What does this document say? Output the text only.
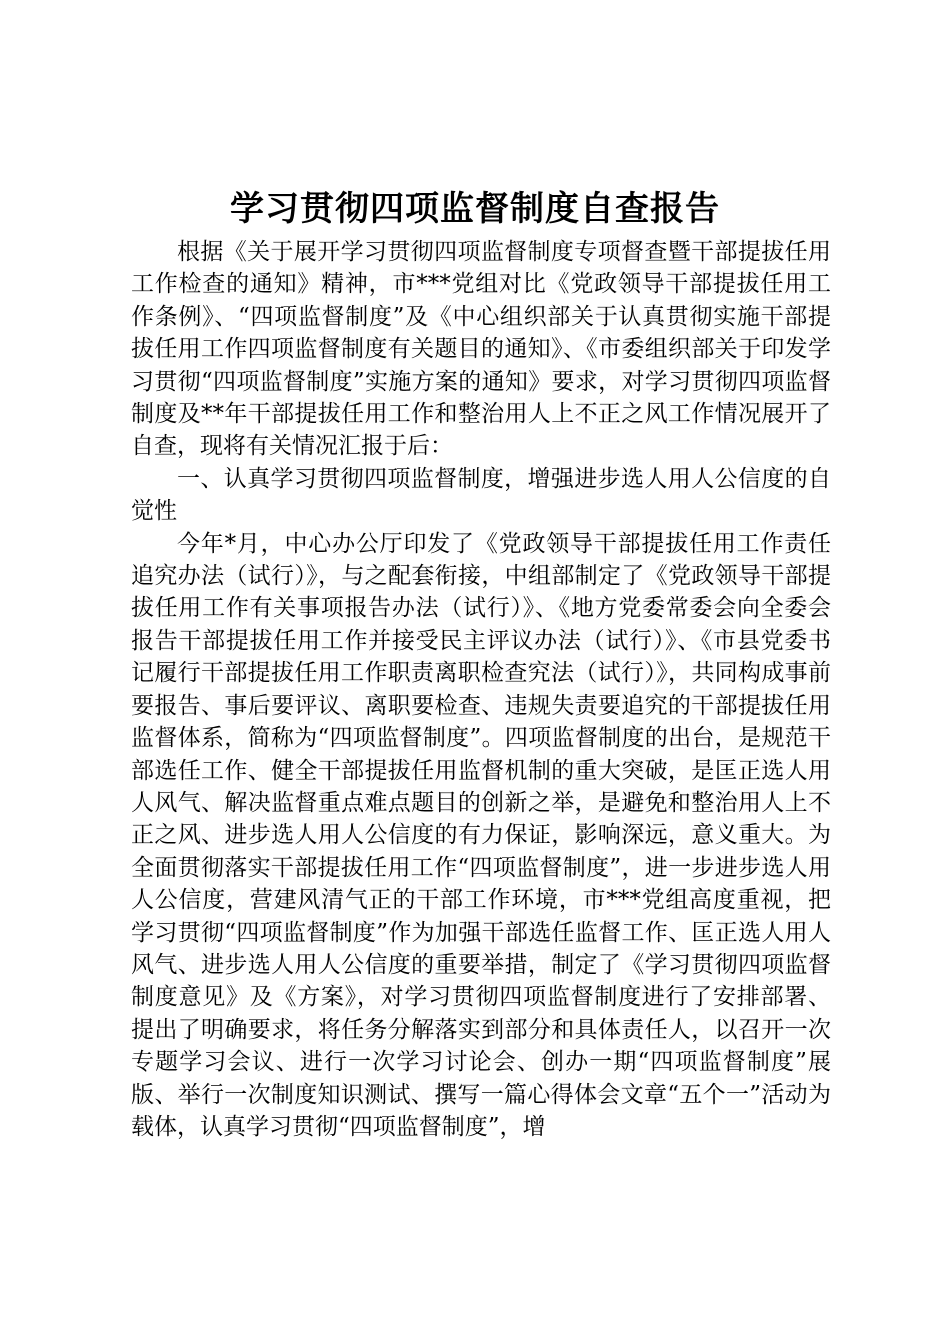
学习贯彻四项监督制度自查报告

根据《关于展开学习贯彻四项监督制度专项督查暨干部提拔任用工作检查的通知》精神，市***党组对比《党政领导干部提拔任用工作条例》、“四项监督制度”及《中心组织部关于认真贯彻实施干部提拔任用工作四项监督制度有关题目的通知》、《市委组织部关于印发学习贯彻“四项监督制度”实施方案的通知》要求，对学习贯彻四项监督制度及**年干部提拔任用工作和整治用人上不正之风工作情况展开了自查，现将有关情况汇报于后：

一、认真学习贯彻四项监督制度，增强进步选人用人公信度的自觉性

今年*月，中心办公厅印发了《党政领导干部提拔任用工作责任追究办法（试行）》，与之配套衔接，中组部制定了《党政领导干部提拔任用工作有关事项报告办法（试行）》、《地方党委常委会向全委会报告干部提拔任用工作并接受民主评议办法（试行）》、《市县党委书记履行干部提拔任用工作职责离职检查究法（试行）》，共同构成事前要报告、事后要评议、离职要检查、违规失责要追究的干部提拔任用监督体系，简称为“四项监督制度”。四项监督制度的出台，是规范干部选任工作、健全干部提拔任用监督机制的重大突破，是匡正选人用人风气、解决监督重点难点题目的创新之举，是避免和整治用人上不正之风、进步选人用人公信度的有力保证，影响深远，意义重大。为全面贯彻落实干部提拔任用工作“四项监督制度”，进一步进步选人用人公信度，营建风清气正的干部工作环境，市***党组高度重视，把学习贯彻“四项监督制度”作为加强干部选任监督工作、匡正选人用人风气、进步选人用人公信度的重要举措，制定了《学习贯彻四项监督制度意见》及《方案》，对学习贯彻四项监督制度进行了安排部署、提出了明确要求，将任务分解落实到部分和具体责任人，以召开一次专题学习会议、进行一次学习讨论会、创办一期“四项监督制度”展版、举行一次制度知识测试、撰写一篇心得体会文章“五个一”活动为载体，认真学习贯彻“四项监督制度”，增
